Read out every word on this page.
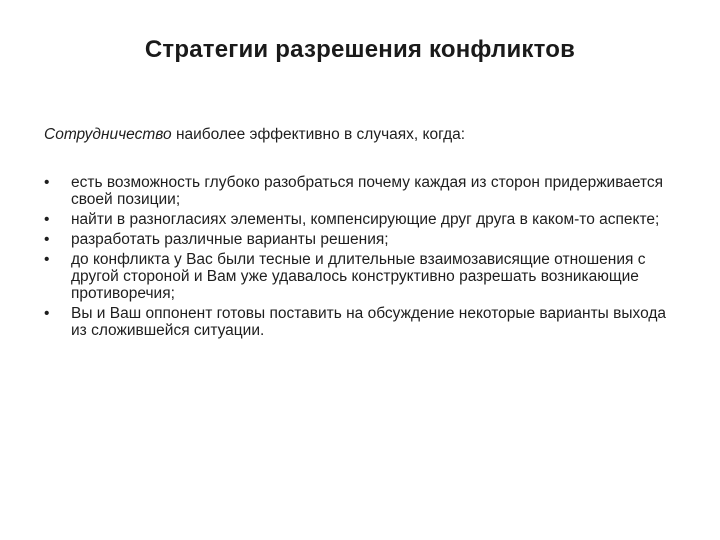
Стратегии разрешения конфликтов
Сотрудничество наиболее эффективно в случаях, когда:
•	есть возможность глубоко разобраться почему каждая из сторон придерживается своей позиции;
•	найти в разногласиях элементы, компенсирующие друг друга в каком-то аспекте;
•	разработать различные варианты решения;
•	до конфликта у Вас были тесные и длительные взаимозависящие отношения с другой стороной и Вам уже удавалось конструктивно разрешать возникающие противоречия;
•	Вы и Ваш оппонент готовы поставить на обсуждение некоторые варианты выхода из сложившейся ситуации.
